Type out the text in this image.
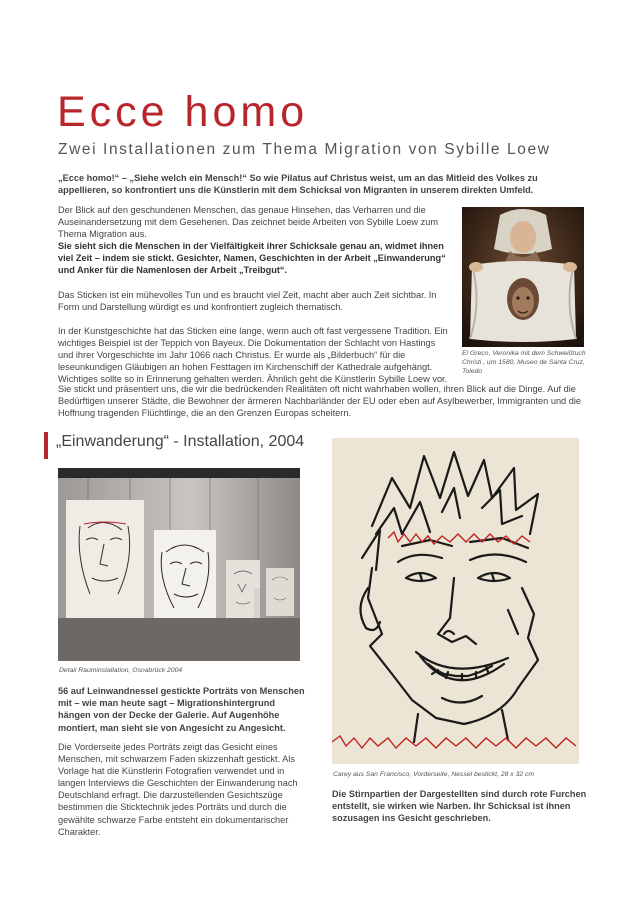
Ecce homo
Zwei Installationen zum Thema Migration von Sybille Loew

„Ecce homo!“ – „Siehe welch ein Mensch!“ So wie Pilatus auf Christus weist, um an das Mitleid des Volkes zu appellieren, so konfrontiert uns die Künstlerin mit dem Schicksal von Migranten in unserem direkten Umfeld.

Der Blick auf den geschundenen Menschen, das genaue Hinsehen, das Verharren und die Auseinandersetzung mit dem Gesehenen. Das zeichnet beide Arbeiten von Sybille Loew zum Thema Migration aus.
Sie sieht sich die Menschen in der Vielfältigkeit ihrer Schicksale genau an, widmet ihnen viel Zeit – indem sie stickt. Gesichter, Namen, Geschichten in der Arbeit „Einwanderung“ und Anker für die Namenlosen der Arbeit „Treibgut“.

Das Sticken ist ein mühevolles Tun und es braucht viel Zeit, macht aber auch Zeit sichtbar. In Form und Darstellung würdigt es und konfrontiert zugleich thematisch.

In der Kunstgeschichte hat das Sticken eine lange, wenn auch oft fast vergessene Tradition. Ein wichtiges Beispiel ist der Teppich von Bayeux. Die Dokumentation der Schlacht von Hastings und ihrer Vorgeschichte im Jahr 1066 nach Christus. Er wurde als „Bilderbuch“ für die leseunkundigen Gläubigen an hohen Festtagen im Kirchenschiff der Kathedrale aufgehängt. Wichtiges sollte so in Erinnerung gehalten werden. Ähnlich geht die Künstlerin Sybille Loew vor.

Sie stickt und präsentiert uns, die wir die bedrückenden Realitäten oft nicht wahrhaben wollen, ihren Blick auf die Dinge. Auf die Bedürftigen unserer Städte, die Bewohner der ärmeren Nachbarländer der EU oder eben auf Asylbewerber, Immigranten und die Hoffnung tragenden Flüchtlinge, die an den Grenzen Europas scheitern.

El Greco, Veronika mit dem Schweißtuch Christi , um 1580, Museo de Santa Cruz, Toledo
„Einwanderung“ - Installation, 2004
Detail Rauminstallation, Osnabrück 2004

56 auf Leinwandnessel gestickte Porträts von Menschen mit – wie man heute sagt – Migrationshintergrund hängen von der Decke der Galerie. Auf Augenhöhe montiert, man sieht sie von Angesicht zu Angesicht.

Die Vorderseite jedes Porträts zeigt das Gesicht eines Menschen, mit schwarzem Faden skizzenhaft gestickt. Als Vorlage hat die Künstlerin Fotografien verwendet und in langen Interviews die Geschichten der Einwanderung nach Deutschland erfragt. Die darzustellenden Gesichtszüge bestimmen die Sticktechnik jedes Porträts und durch die gewählte schwarze Farbe entsteht ein dokumentarischer Charakter.

Carey aus San Francisco, Vorderseite, Nessel bestickt, 28 x 32 cm

Die Stirnpartien der Dargestellten sind durch rote Furchen entstellt, sie wirken wie Narben. Ihr Schicksal ist ihnen sozusagen ins Gesicht geschrieben.
